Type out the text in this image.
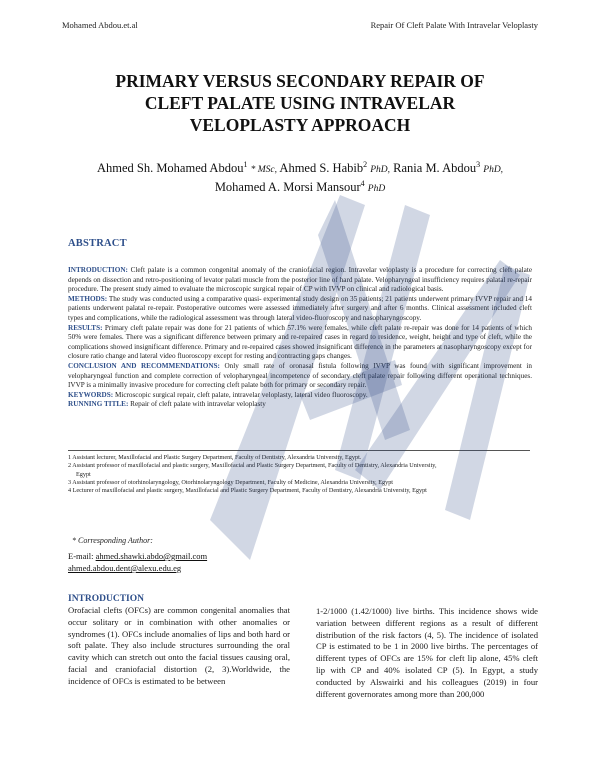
Mohamed Abdou.et.al	Repair Of Cleft Palate With Intravelar Veloplasty
PRIMARY VERSUS SECONDARY REPAIR OF
CLEFT PALATE USING INTRAVELAR
VELOPLASTY APPROACH
Ahmed Sh. Mohamed Abdou$^1$ * MSc, Ahmed S. Habib$^2$ PhD, Rania M. Abdou$^3$ PhD,
Mohamed A. Morsi Mansour$^4$ PhD
ABSTRACT

INTRODUCTION: Cleft palate is a common congenital anomaly of the craniofacial region. Intravelar veloplasty is a procedure for correcting cleft palate depends on dissection and retro-positioning of levator palati muscle from the posterior line of hard palate. Velopharyngeal insufficiency requires palatal re-repair procedure. The present study aimed to evaluate the microscopic surgical repair of CP with IVVP on clinical and radiological basis.

METHODS: The study was conducted using a comparative quasi- experimental study design on 35 patients; 21 patients underwent primary IVVP repair and 14 patients underwent palatal re-repair. Postoperative outcomes were assessed immediately after surgery and after 6 months. Clinical assessment included cleft types and complications, while the radiological assessment was through lateral video-fluoroscopy and nasopharyngoscopy.

RESULTS: Primary cleft palate repair was done for 21 patients of which 57.1% were females, while cleft palate re-repair was done for 14 patients of which 50% were females. There was a significant difference between primary and re-repaired cases in regard to residence, weight, height and type of cleft, while the complications showed insignificant difference. Primary and re-repaired cases showed insignificant difference in the parameters at nasopharyngoscopy except for closure ratio change and lateral video fluoroscopy except for resting and contracting gaps changes.

CONCLUSION AND RECOMMENDATIONS: Only small rate of oronasal fistula following IVVP was found with significant improvement in velopharyngeal function and complete correction of velopharyngeal incompetence of secondary cleft palate repair following different operational techniques. IVVP is a minimally invasive procedure for correcting cleft palate both for primary or secondary repair.

KEYWORDS: Microscopic surgical repair, cleft palate, intravelar veloplasty, lateral video fluoroscopy.

RUNNING TITLE: Repair of cleft palate with intravelar veloplasty

1 Assistant lecturer, Maxillofacial and Plastic Surgery Department, Faculty of Dentistry, Alexandria University, Egypt.

2 Assistant professor of maxillofacial and plastic surgery, Maxillofacial and Plastic Surgery Department, Faculty of Dentistry, Alexandria University,

Egypt

3 Assistant professor of otorhinolaryngology, Otorhinolaryngology Department, Faculty of Medicine, Alexandria University, Egypt

4 Lecturer of maxillofacial and plastic surgery, Maxillofacial and Plastic Surgery Department, Faculty of Dentistry, Alexandria University, Egypt

* Corresponding Author:
E-mail: ahmed.shawki.abdo@gmail.com
ahmed.abdou.dent@alexu.edu.eg
INTRODUCTION
Orofacial clefts (OFCs) are common congenital anomalies that occur solitary or in combination with other anomalies or syndromes (1). OFCs include anomalies of lips and both hard or soft palate. They also include structures surrounding the oral cavity which can stretch out onto the facial tissues causing oral, facial and craniofacial distortion (2, 3).Worldwide, the incidence of OFCs is estimated to be between
1-2/1000 (1.42/1000) live births. This incidence shows wide variation between different regions as a result of different distribution of the risk factors (4, 5). The incidence of isolated CP is estimated to be 1 in 2000 live births. The percentages of different types of OFCs are 15% for cleft lip alone, 45% cleft lip with CP and 40% isolated CP (5). In Egypt, a study conducted by Alswairki and his colleagues (2019) in four different governorates among more than 200,000
